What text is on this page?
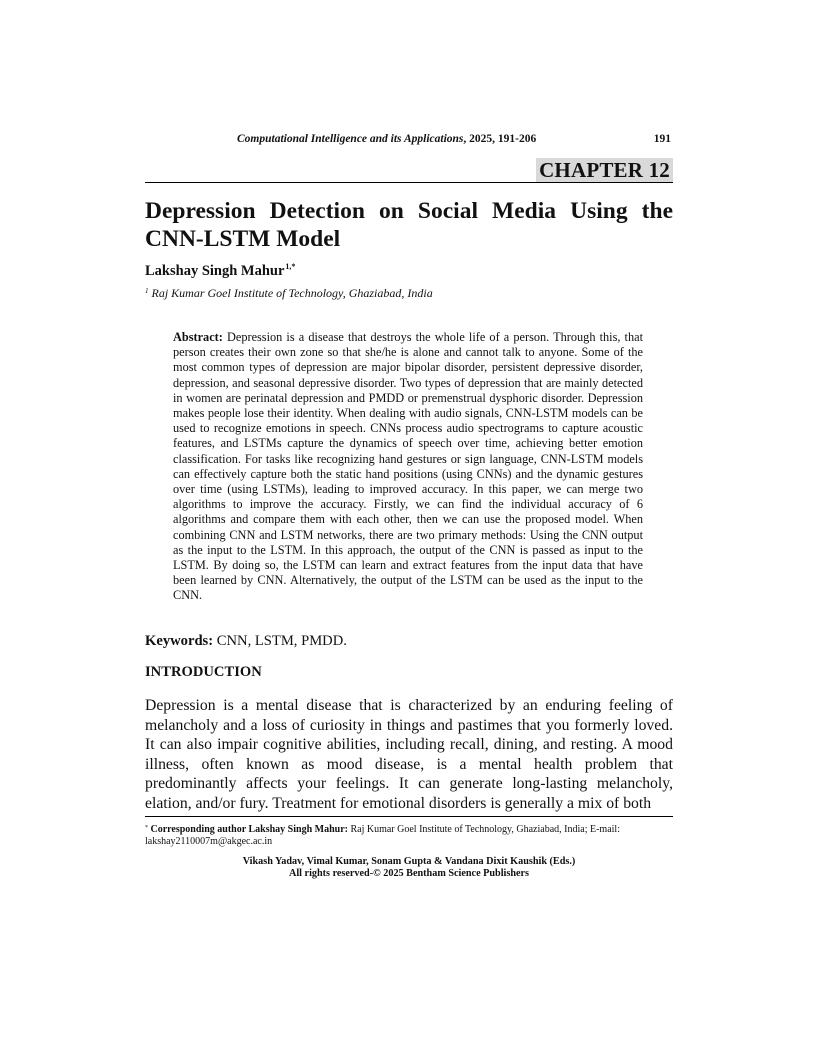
Computational Intelligence and its Applications, 2025, 191-206	191
CHAPTER 12
Depression Detection on Social Media Using the CNN-LSTM Model
Lakshay Singh Mahur$^{1,*}$
$^1$ Raj Kumar Goel Institute of Technology, Ghaziabad, India

Abstract: Depression is a disease that destroys the whole life of a person. Through this, that person creates their own zone so that she/he is alone and cannot talk to anyone. Some of the most common types of depression are major bipolar disorder, persistent depressive disorder, depression, and seasonal depressive disorder. Two types of depression that are mainly detected in women are perinatal depression and PMDD or premenstrual dysphoric disorder. Depression makes people lose their identity. When dealing with audio signals, CNN-LSTM models can be used to recognize emotions in speech. CNNs process audio spectrograms to capture acoustic features, and LSTMs capture the dynamics of speech over time, achieving better emotion classification. For tasks like recognizing hand gestures or sign language, CNN-LSTM models can effectively capture both the static hand positions (using CNNs) and the dynamic gestures over time (using LSTMs), leading to improved accuracy. In this paper, we can merge two algorithms to improve the accuracy. Firstly, we can find the individual accuracy of 6 algorithms and compare them with each other, then we can use the proposed model. When combining CNN and LSTM networks, there are two primary methods: Using the CNN output as the input to the LSTM. In this approach, the output of the CNN is passed as input to the LSTM. By doing so, the LSTM can learn and extract features from the input data that have been learned by CNN. Alternatively, the output of the LSTM can be used as the input to the CNN.

Keywords: CNN, LSTM, PMDD.
INTRODUCTION

Depression is a mental disease that is characterized by an enduring feeling of melancholy and a loss of curiosity in things and pastimes that you formerly loved. It can also impair cognitive abilities, including recall, dining, and resting. A mood illness, often known as mood disease, is a mental health problem that predominantly affects your feelings. It can generate long-lasting melancholy, elation, and/or fury. Treatment for emotional disorders is generally a mix of both

* Corresponding author Lakshay Singh Mahur: Raj Kumar Goel Institute of Technology, Ghaziabad, India; E-mail: lakshay2110007m@akgec.ac.in

Vikash Yadav, Vimal Kumar, Sonam Gupta & Vandana Dixit Kaushik (Eds.)
All rights reserved-© 2025 Bentham Science Publishers
